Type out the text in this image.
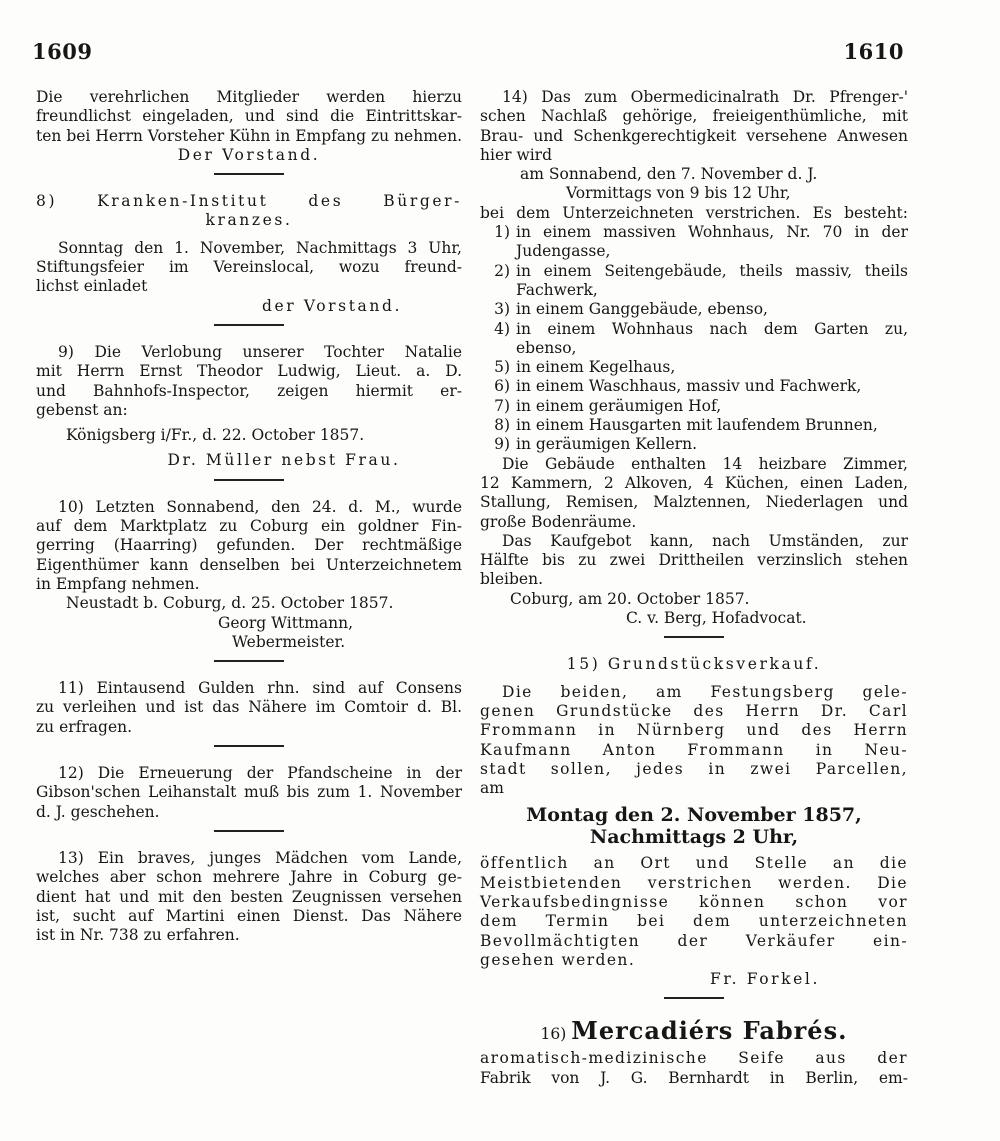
1609	1610

Die verehrlichen Mitglieder werden hierzu

freundlichst eingeladen, und sind die Eintrittskar-

ten bei Herrn Vorsteher Kühn in Empfang zu nehmen.

Der Vorstand.

8) Kranken-Institut des Bürger-

kranzes.

Sonntag den 1. November, Nachmittags 3 Uhr,

Stiftungsfeier im Vereinslocal, wozu freund-

lichst einladet

der Vorstand.

9) Die Verlobung unserer Tochter Natalie

mit Herrn Ernst Theodor Ludwig, Lieut. a. D.

und Bahnhofs-Inspector, zeigen hiermit er-

gebenst an:

Königsberg i/Fr., d. 22. October 1857.

Dr. Müller nebst Frau.

10) Letzten Sonnabend, den 24. d. M., wurde

auf dem Marktplatz zu Coburg ein goldner Fin-

gerring (Haarring) gefunden. Der rechtmäßige

Eigenthümer kann denselben bei Unterzeichnetem

in Empfang nehmen.

Neustadt b. Coburg, d. 25. October 1857.

Georg Wittmann,

Webermeister.

11) Eintausend Gulden rhn. sind auf Consens

zu verleihen und ist das Nähere im Comtoir d. Bl.

zu erfragen.

12) Die Erneuerung der Pfandscheine in der

Gibson'schen Leihanstalt muß bis zum 1. November

d. J. geschehen.

13) Ein braves, junges Mädchen vom Lande,

welches aber schon mehrere Jahre in Coburg ge-

dient hat und mit den besten Zeugnissen versehen

ist, sucht auf Martini einen Dienst. Das Nähere

ist in Nr. 738 zu erfahren.

14) Das zum Obermedicinalrath Dr. Pfrenger-'

schen Nachlaß gehörige, freieigenthümliche, mit

Brau- und Schenkgerechtigkeit versehene Anwesen

hier wird

am Sonnabend, den 7. November d. J.

Vormittags von 9 bis 12 Uhr,

bei dem Unterzeichneten verstrichen. Es besteht:

1) in einem massiven Wohnhaus, Nr. 70 in der
Judengasse,
2) in einem Seitengebäude, theils massiv, theils
Fachwerk,
3) in einem Ganggebäude, ebenso,
4) in einem Wohnhaus nach dem Garten zu,
ebenso,
5) in einem Kegelhaus,
6) in einem Waschhaus, massiv und Fachwerk,
7) in einem geräumigen Hof,
8) in einem Hausgarten mit laufendem Brunnen,
9) in geräumigen Kellern.

Die Gebäude enthalten 14 heizbare Zimmer,

12 Kammern, 2 Alkoven, 4 Küchen, einen Laden,

Stallung, Remisen, Malztennen, Niederlagen und

große Bodenräume.

Das Kaufgebot kann, nach Umständen, zur

Hälfte bis zu zwei Drittheilen verzinslich stehen

bleiben.

Coburg, am 20. October 1857.

C. v. Berg, Hofadvocat.

15) Grundstücksverkauf.

Die beiden, am Festungsberg gele-

genen Grundstücke des Herrn Dr. Carl

Frommann in Nürnberg und des Herrn

Kaufmann Anton Frommann in Neu-

stadt sollen, jedes in zwei Parcellen,

am

Montag den 2. November 1857,

Nachmittags 2 Uhr,

öffentlich an Ort und Stelle an die

Meistbietenden verstrichen werden. Die

Verkaufsbedingnisse können schon vor

dem Termin bei dem unterzeichneten

Bevollmächtigten der Verkäufer ein-

gesehen werden.

Fr. Forkel.

16) Mercadiérs Fabrés.

aromatisch-medizinische Seife aus der

Fabrik von J. G. Bernhardt in Berlin, em-
